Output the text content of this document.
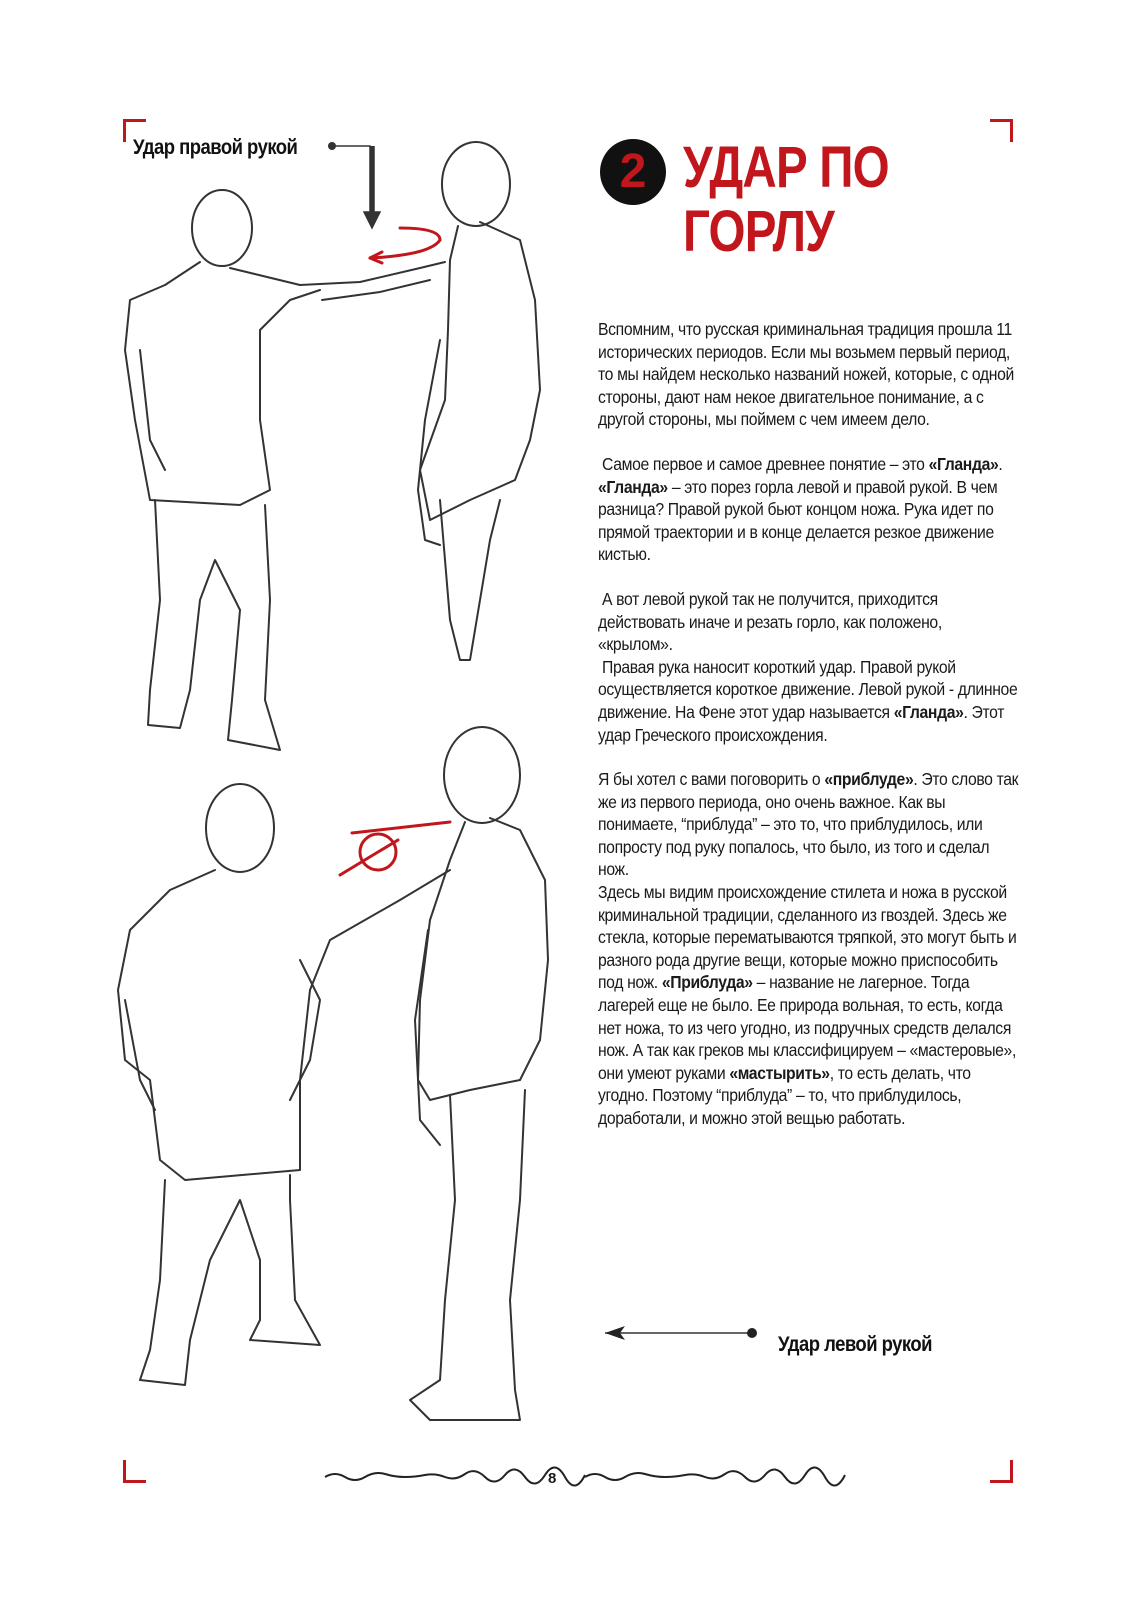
Удар правой рукой
Удар левой рукой
2 УДАР ПО
ГОРЛУ

Вспомним, что русская криминальная традиция прошла 11 исторических периодов. Если мы возьмем первый период, то мы найдем несколько названий ножей, которые, с одной стороны, дают нам некое двигательное понимание, а с другой стороны, мы поймем с чем имеем дело.

Самое первое и самое древнее понятие – это «Гланда».

«Гланда» – это порез горла левой и правой рукой. В чем разница? Правой рукой бьют концом ножа. Рука идет по прямой траектории и в конце делается резкое движение кистью.

А вот левой рукой так не получится, приходится действовать иначе и резать горло, как положено, «крылом».

Правая рука наносит короткий удар. Правой рукой осуществляется короткое движение. Левой рукой - длинное движение. На Фене этот удар называется «Гланда». Этот удар Греческого происхождения.

Я бы хотел с вами поговорить о «приблуде». Это слово так же из первого периода, оно очень важное. Как вы понимаете, “приблуда” – это то, что приблудилось, или попросту под руку попалось, что было, из того и сделал нож.

Здесь мы видим происхождение стилета и ножа в русской криминальной традиции, сделанного из гвоздей. Здесь же стекла, которые перематываются тряпкой, это могут быть и разного рода другие вещи, которые можно приспособить под нож. «Приблуда» – название не лагерное. Тогда лагерей еще не было. Ее природа вольная, то есть, когда нет ножа, то из чего угодно, из подручных средств делался нож. А так как греков мы классифицируем – «мастеровые», они умеют руками «мастырить», то есть делать, что угодно. Поэтому “приблуда” – то, что приблудилось, доработали, и можно этой вещью работать.

8
